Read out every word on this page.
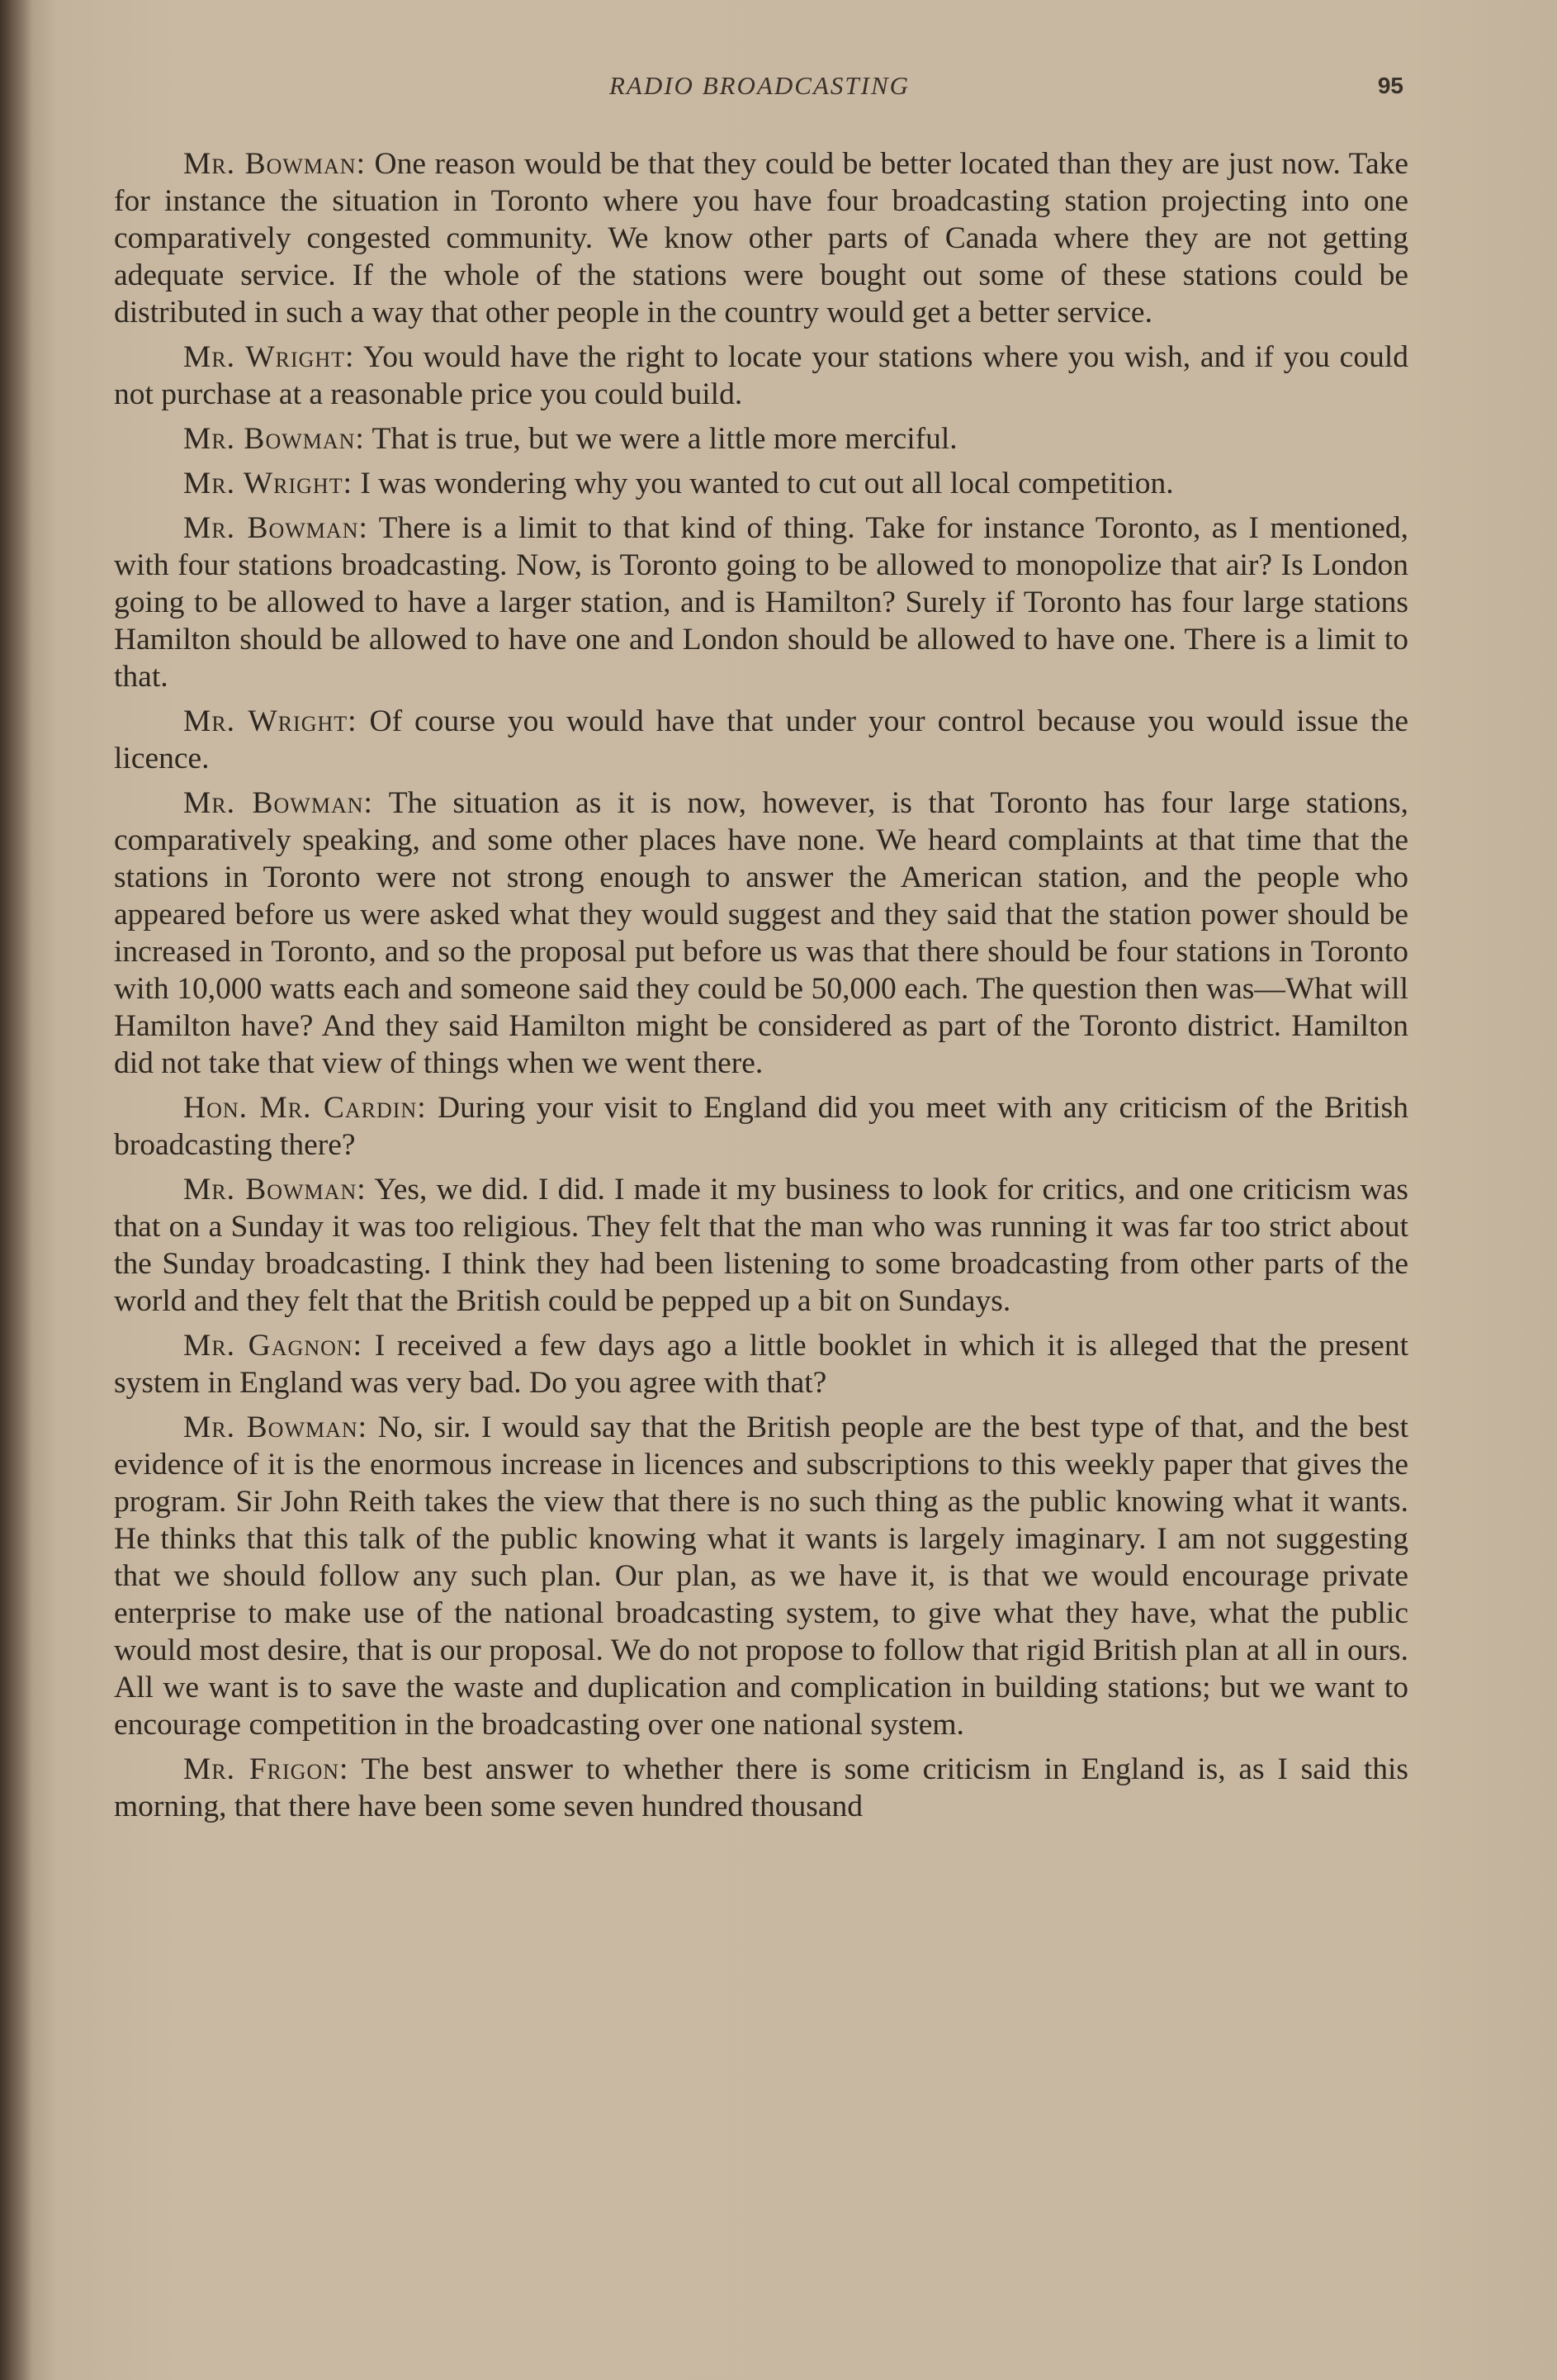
RADIO BROADCASTING	95

Mr. Bowman: One reason would be that they could be better located than they are just now. Take for instance the situation in Toronto where you have four broadcasting station projecting into one comparatively congested community. We know other parts of Canada where they are not getting adequate service. If the whole of the stations were bought out some of these stations could be distributed in such a way that other people in the country would get a better service.

Mr. Wright: You would have the right to locate your stations where you wish, and if you could not purchase at a reasonable price you could build.

Mr. Bowman: That is true, but we were a little more merciful.

Mr. Wright: I was wondering why you wanted to cut out all local competition.

Mr. Bowman: There is a limit to that kind of thing. Take for instance Toronto, as I mentioned, with four stations broadcasting. Now, is Toronto going to be allowed to monopolize that air? Is London going to be allowed to have a larger station, and is Hamilton? Surely if Toronto has four large stations Hamilton should be allowed to have one and London should be allowed to have one. There is a limit to that.

Mr. Wright: Of course you would have that under your control because you would issue the licence.

Mr. Bowman: The situation as it is now, however, is that Toronto has four large stations, comparatively speaking, and some other places have none. We heard complaints at that time that the stations in Toronto were not strong enough to answer the American station, and the people who appeared before us were asked what they would suggest and they said that the station power should be increased in Toronto, and so the proposal put before us was that there should be four stations in Toronto with 10,000 watts each and someone said they could be 50,000 each. The question then was—What will Hamilton have? And they said Hamilton might be considered as part of the Toronto district. Hamilton did not take that view of things when we went there.

Hon. Mr. Cardin: During your visit to England did you meet with any criticism of the British broadcasting there?

Mr. Bowman: Yes, we did. I did. I made it my business to look for critics, and one criticism was that on a Sunday it was too religious. They felt that the man who was running it was far too strict about the Sunday broadcasting. I think they had been listening to some broadcasting from other parts of the world and they felt that the British could be pepped up a bit on Sundays.

Mr. Gagnon: I received a few days ago a little booklet in which it is alleged that the present system in England was very bad. Do you agree with that?

Mr. Bowman: No, sir. I would say that the British people are the best type of that, and the best evidence of it is the enormous increase in licences and subscriptions to this weekly paper that gives the program. Sir John Reith takes the view that there is no such thing as the public knowing what it wants. He thinks that this talk of the public knowing what it wants is largely imaginary. I am not suggesting that we should follow any such plan. Our plan, as we have it, is that we would encourage private enterprise to make use of the national broadcasting system, to give what they have, what the public would most desire, that is our proposal. We do not propose to follow that rigid British plan at all in ours. All we want is to save the waste and duplication and complication in building stations; but we want to encourage competition in the broadcasting over one national system.

Mr. Frigon: The best answer to whether there is some criticism in England is, as I said this morning, that there have been some seven hundred thousand
